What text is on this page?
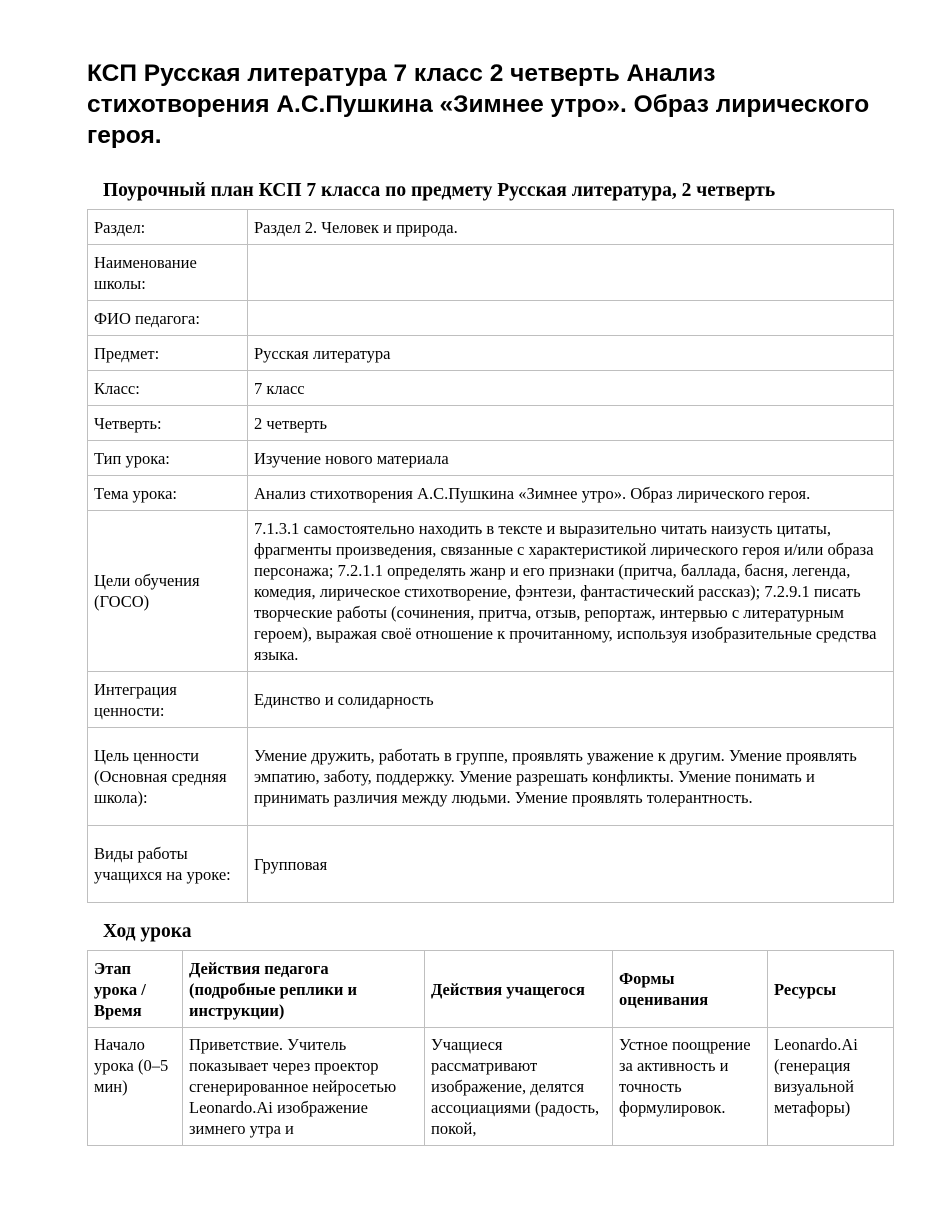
КСП Русская литература 7 класс 2 четверть Анализ стихотворения А.С.Пушкина «Зимнее утро». Образ лирического героя.
Поурочный план КСП 7 класса по предмету Русская литература, 2 четверть
Раздел:	Раздел 2. Человек и природа.
Наименование школы:	
ФИО педагога:	
Предмет:	Русская литература
Класс:	7 класс
Четверть:	2 четверть
Тип урока:	Изучение нового материала
Тема урока:	Анализ стихотворения А.С.Пушкина «Зимнее утро». Образ лирического героя.
Цели обучения (ГОСО)	7.1.3.1 самостоятельно находить в тексте и выразительно читать наизусть цитаты, фрагменты произведения, связанные с характеристикой лирического героя и/или образа персонажа; 7.2.1.1 определять жанр и его признаки (притча, баллада, басня, легенда, комедия, лирическое стихотворение, фэнтези, фантастический рассказ); 7.2.9.1 писать творческие работы (сочинения, притча, отзыв, репортаж, интервью с литературным героем), выражая своё отношение к прочитанному, используя изобразительные средства языка.
Интеграция ценности:	Единство и солидарность
Цель ценности (Основная средняя школа):	Умение дружить, работать в группе, проявлять уважение к другим. Умение проявлять эмпатию, заботу, поддержку. Умение разрешать конфликты. Умение понимать и принимать различия между людьми. Умение проявлять толерантность.
Виды работы учащихся на уроке:	Групповая
Ход урока
Этап урока / Время	Действия педагога (подробные реплики и инструкции)	Действия учащегося	Формы оценивания	Ресурсы
Начало урока (0–5 мин)	Приветствие. Учитель показывает через проектор сгенерированное нейросетью Leonardo.Ai изображение зимнего утра и	Учащиеся рассматривают изображение, делятся ассоциациями (радость, покой,	Устное поощрение за активность и точность формулировок.	Leonardo.Ai (генерация визуальной метафоры)
